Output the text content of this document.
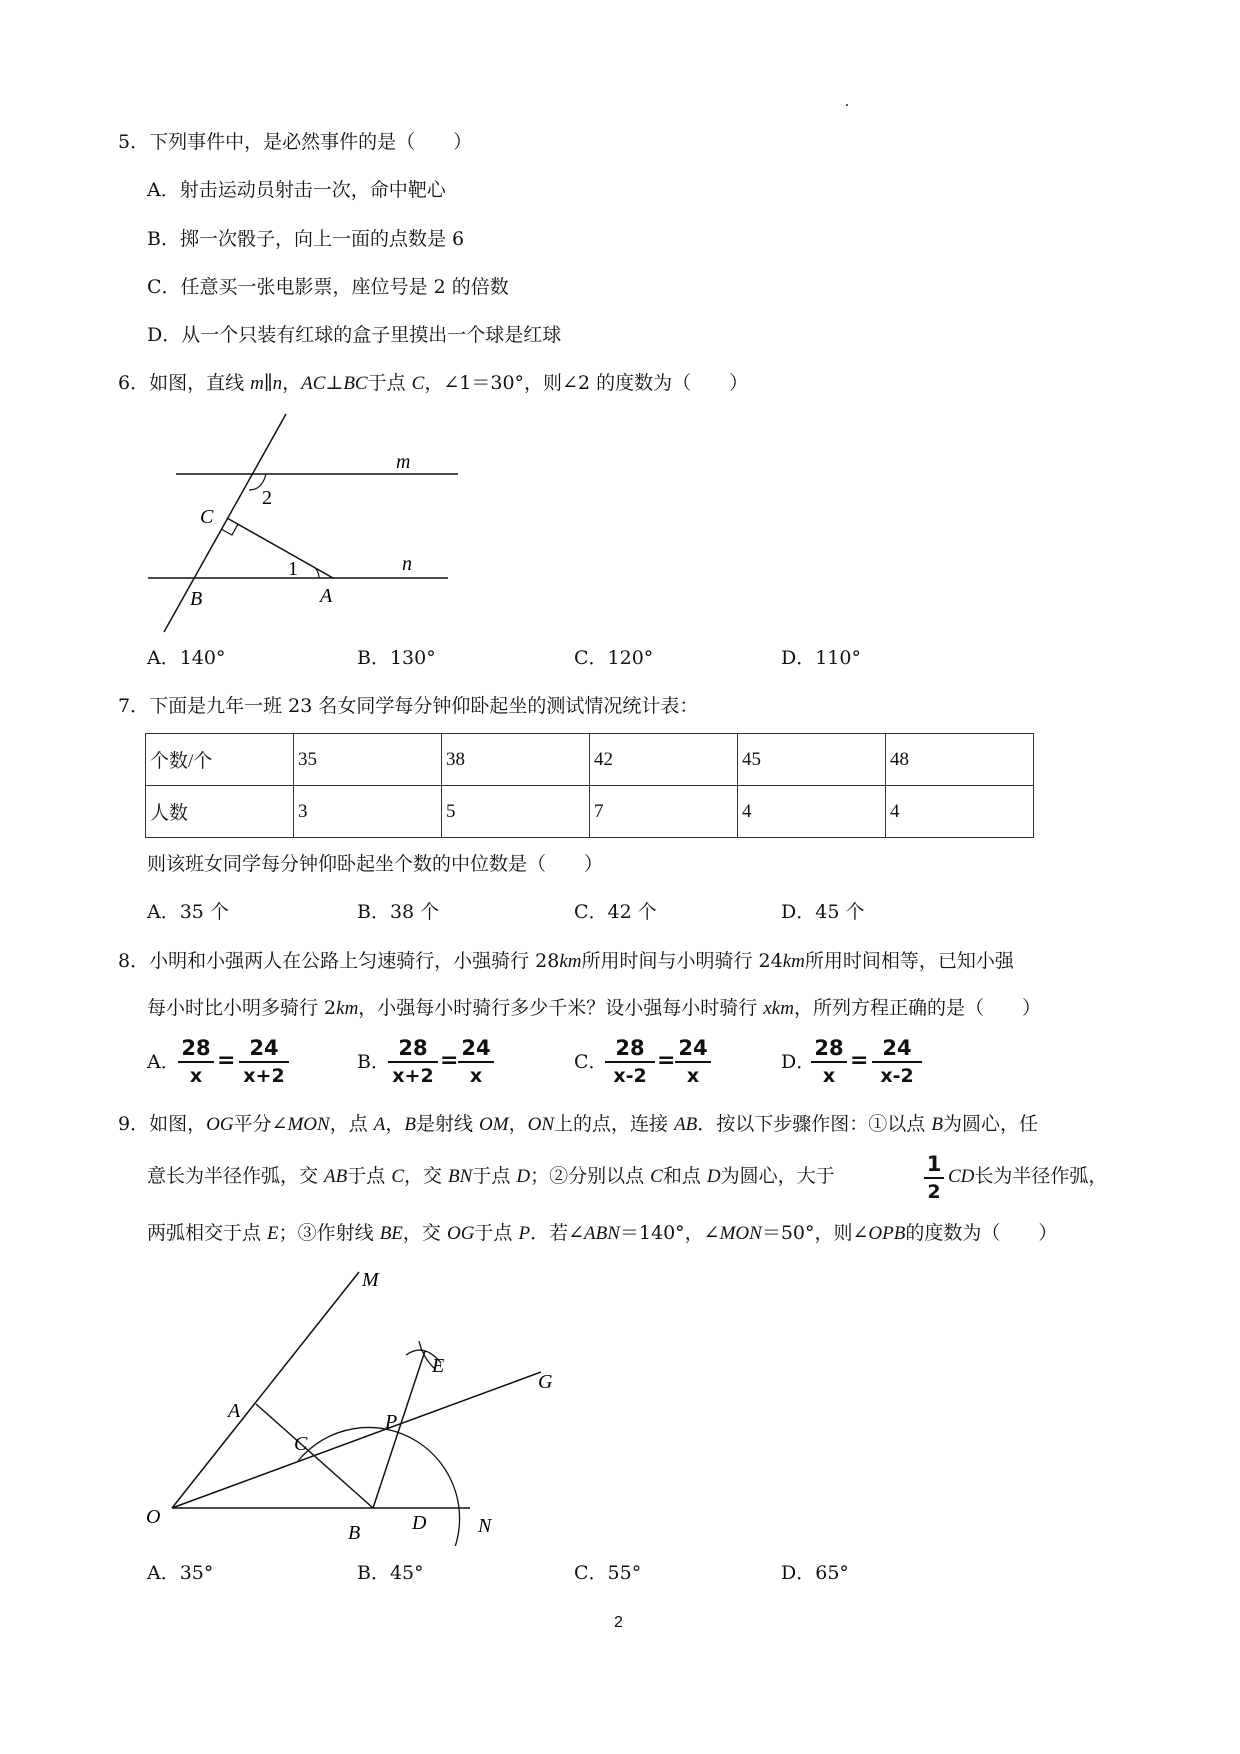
5．下列事件中，是必然事件的是（　　）
A．射击运动员射击一次，命中靶心
B．掷一次骰子，向上一面的点数是 6
C．任意买一张电影票，座位号是 2 的倍数
D．从一个只装有红球的盒子里摸出一个球是红球
6．如图，直线 m∥n，AC⊥BC于点 C，∠1＝30°，则∠2 的度数为（　　）
m
n
2
1
C
B	A
A．140°	B．130°	C．120°	D．110°
7．下面是九年一班 23 名女同学每分钟仰卧起坐的测试情况统计表：
个数/个	35	38	42	45	48
人数	3	5	7	4	4
则该班女同学每分钟仰卧起坐个数的中位数是（　　）
A．35 个	B．38 个	C．42 个	D．45 个
8．小明和小强两人在公路上匀速骑行，小强骑行 28km所用时间与小明骑行 24km所用时间相等，已知小强
每小时比小明多骑行 2km，小强每小时骑行多少千米？设小强每小时骑行 xkm，所列方程正确的是（　　）
A．
28
x
= 24
x+2
B．
28
x+2
= 24
x
C．
28
x-2
= 24
x
D．
28
x
= 24
x-2
9．如图，OG平分∠MON，点 A，B是射线 OM，ON上的点，连接 AB．按以下步骤作图：①以点 B为圆心，任
意长为半径作弧，交 AB于点 C，交 BN于点 D；②分别以点 C和点 D为圆心，大于	1
2
CD长为半径作弧，
两弧相交于点 E；③作射线 BE，交 OG于点 P．若∠ABN＝140°，∠MON＝50°，则∠OPB的度数为（　　）
M
E
G
A	P
C
O
B	D	N
A．35°	B．45°	C．55°	D．65°
2
